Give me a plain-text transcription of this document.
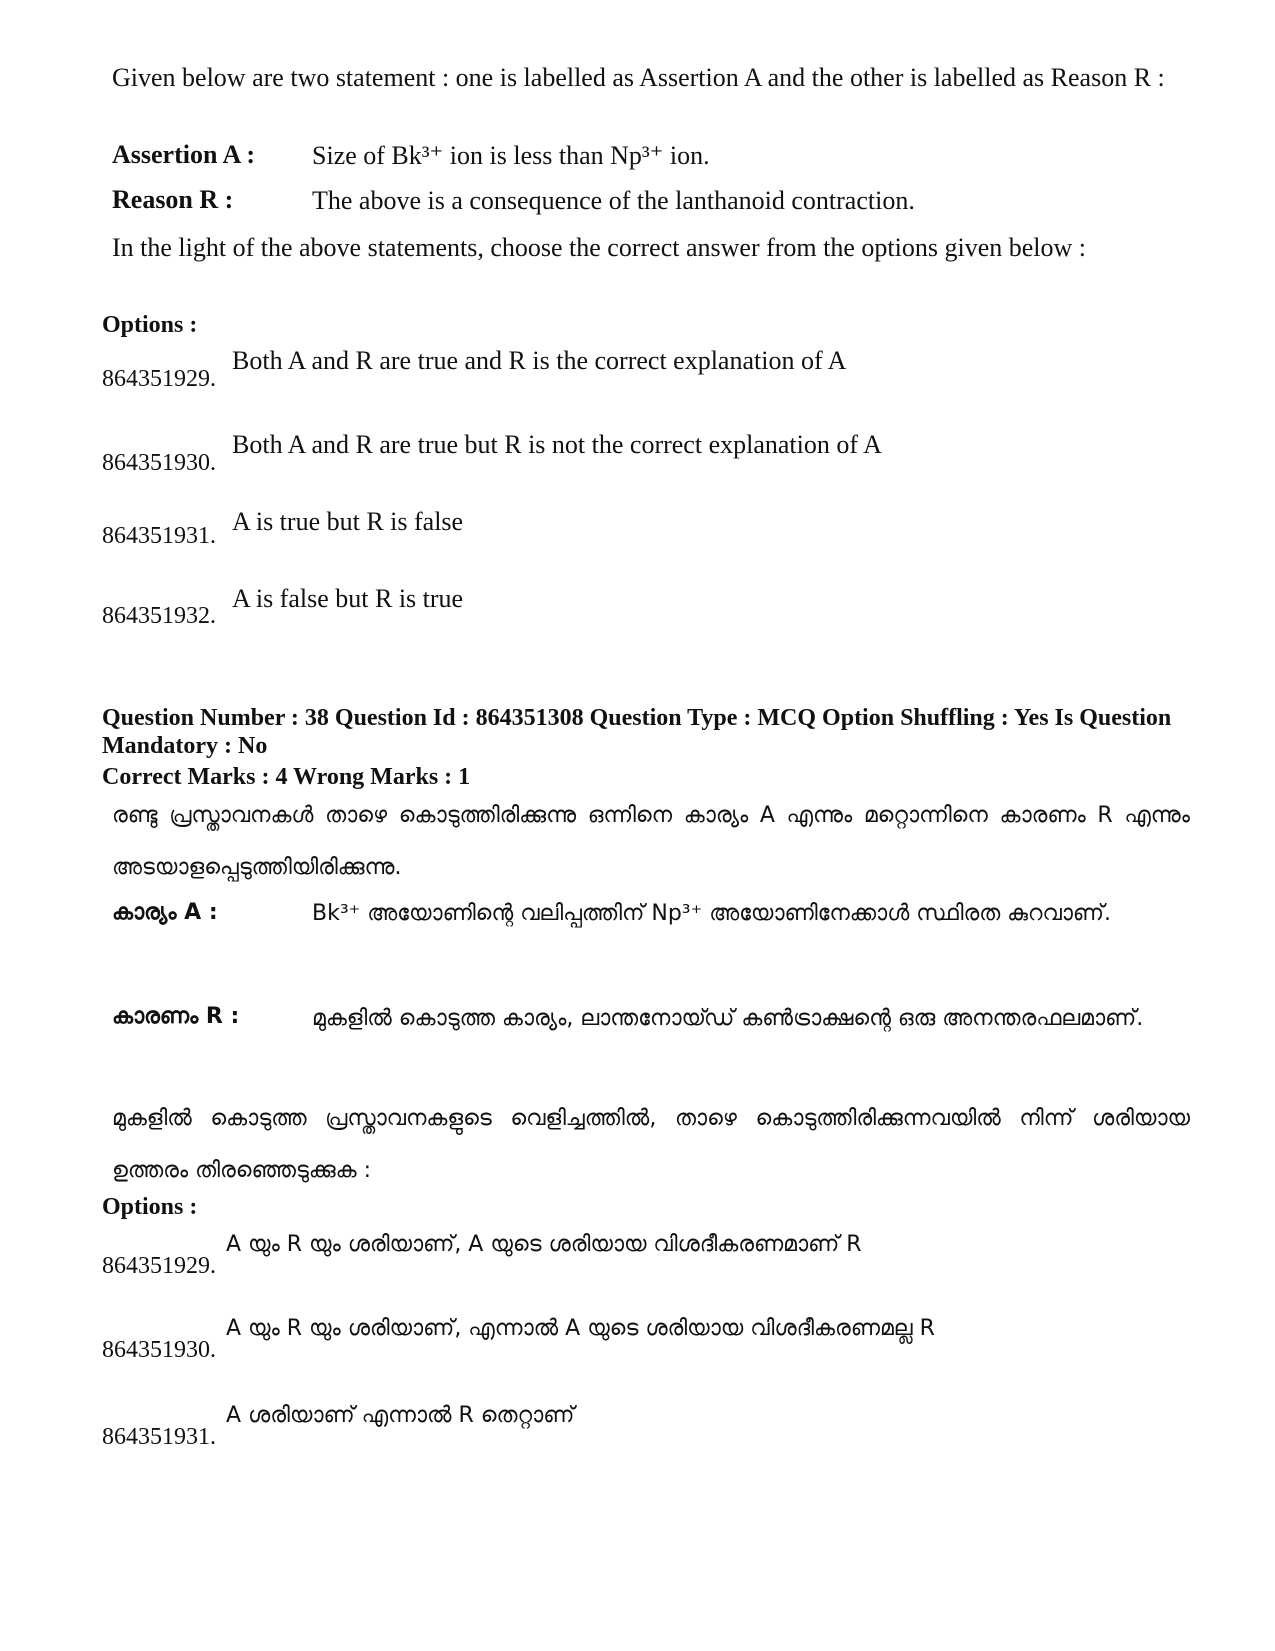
Given below are two statement : one is labelled as Assertion A and the other is labelled as Reason R :
Assertion A : Size of Bk³⁺ ion is less than Np³⁺ ion.
Reason R :	The above is a consequence of the lanthanoid contraction.
In the light of the above statements, choose the correct answer from the options given below :
Options :
864351929.
Both A and R are true and R is the correct explanation of A
864351930.
Both A and R are true but R is not the correct explanation of A
864351931. A is true but R is false
864351932.
A is false but R is true
Question Number : 38 Question Id : 864351308 Question Type : MCQ Option Shuffling : Yes Is Question Mandatory : No
Correct Marks : 4 Wrong Marks : 1
രണ്ടു പ്രസ്താവനകൾ താഴെ കൊടുത്തിരിക്കുന്നു ഒന്നിനെ കാര്യം A എന്നും മറ്റൊന്നിനെ കാരണം R എന്നും അടയാളപ്പെടുത്തിയിരിക്കുന്നു.
കാര്യം A :	Bk³⁺ അയോണിന്റെ വലിപ്പത്തിന് Np³⁺ അയോണിനേക്കാൾ സ്ഥിരത കുറവാണ്.
കാരണം R :	മുകളിൽ കൊടുത്ത കാര്യം, ലാന്തനോയ്ഡ് കൺട്രാക്ഷന്റെ ഒരു അനന്തരഫലമാണ്.
മുകളിൽ കൊടുത്ത പ്രസ്താവനകളുടെ വെളിച്ചത്തിൽ, താഴെ കൊടുത്തിരിക്കുന്നവയിൽ നിന്ന് ശരിയായ ഉത്തരം തിരഞ്ഞെടുക്കുക :
Options :
864351929.
A യും R യും ശരിയാണ്, A യുടെ ശരിയായ വിശദീകരണമാണ് R
864351930.
A യും R യും ശരിയാണ്, എന്നാൽ A യുടെ ശരിയായ വിശദീകരണമല്ല R
864351931.
A ശരിയാണ് എന്നാൽ R തെറ്റാണ്
